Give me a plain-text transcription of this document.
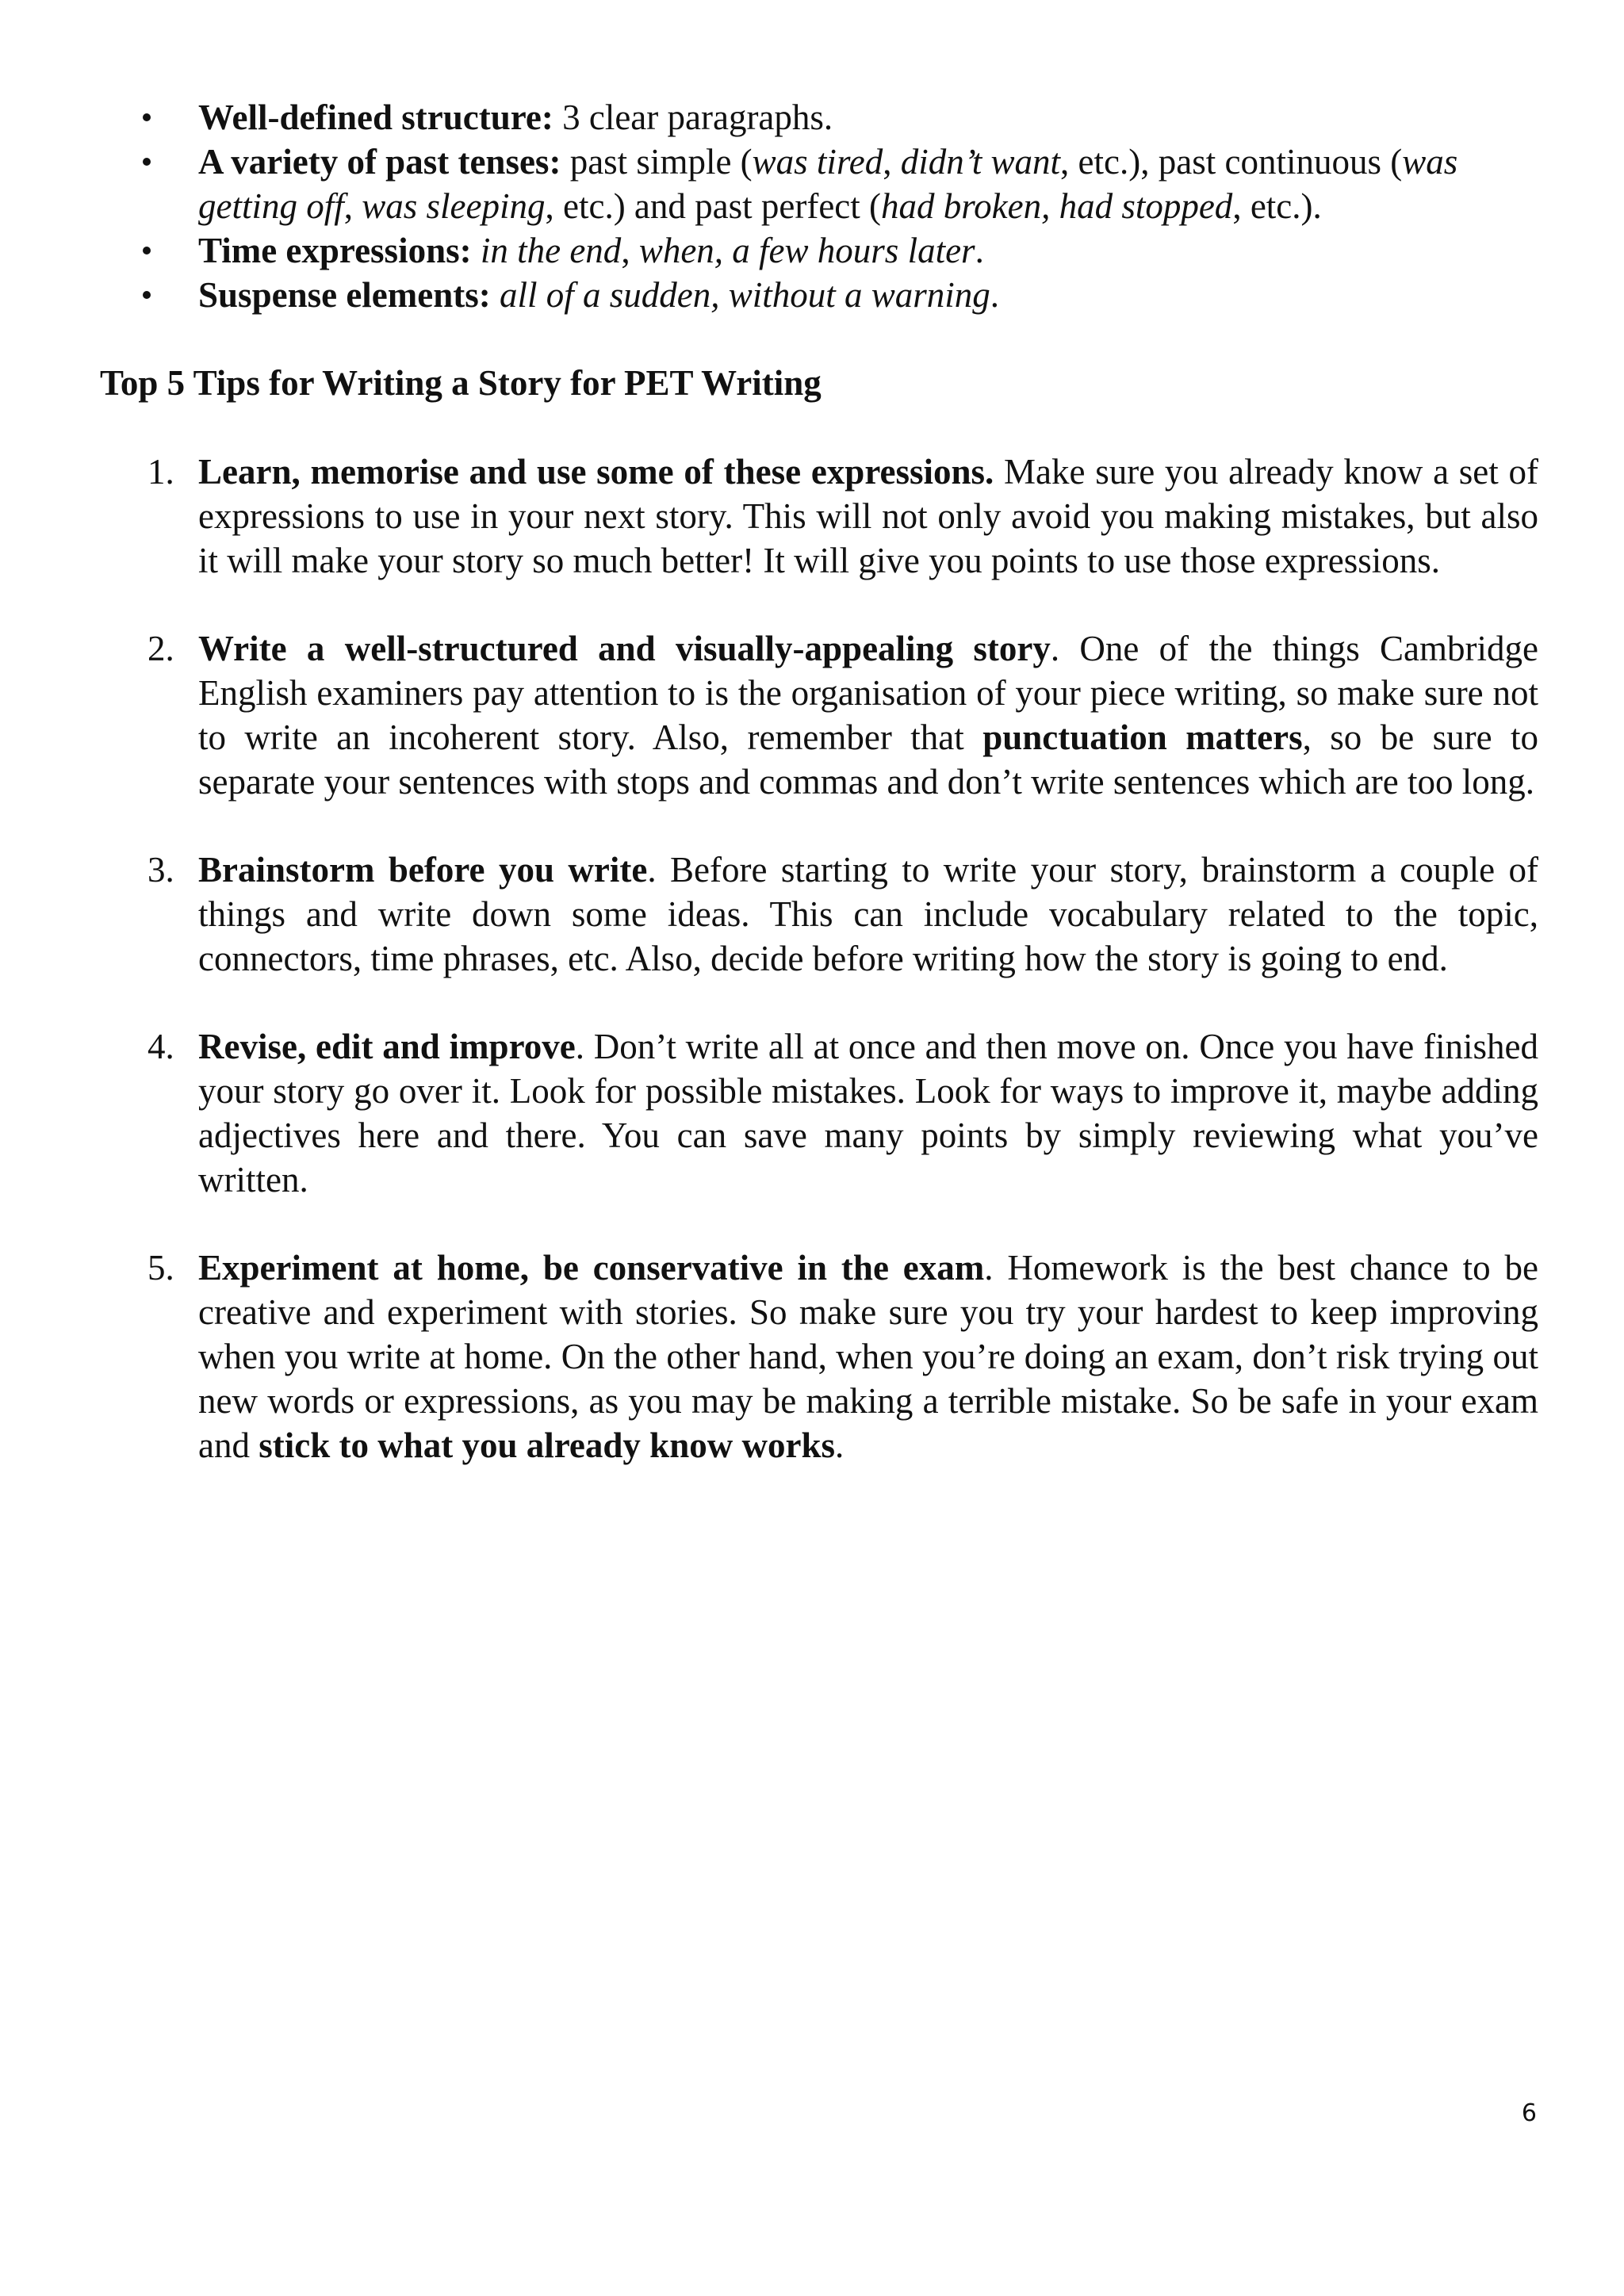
Well-defined structure: 3 clear paragraphs.
A variety of past tenses: past simple (was tired, didn’t want, etc.), past continuous (was getting off, was sleeping, etc.) and past perfect (had broken, had stopped, etc.).
Time expressions: in the end, when, a few hours later.
Suspense elements: all of a sudden, without a warning.
Top 5 Tips for Writing a Story for PET Writing
1. Learn, memorise and use some of these expressions. Make sure you already know a set of expressions to use in your next story. This will not only avoid you making mistakes, but also it will make your story so much better! It will give you points to use those expressions.
2. Write a well-structured and visually-appealing story. One of the things Cambridge English examiners pay attention to is the organisation of your piece writing, so make sure not to write an incoherent story. Also, remember that punctuation matters, so be sure to separate your sentences with stops and commas and don’t write sentences which are too long.
3. Brainstorm before you write. Before starting to write your story, brainstorm a couple of things and write down some ideas. This can include vocabulary related to the topic, connectors, time phrases, etc. Also, decide before writing how the story is going to end.
4. Revise, edit and improve. Don’t write all at once and then move on. Once you have finished your story go over it. Look for possible mistakes. Look for ways to improve it, maybe adding adjectives here and there. You can save many points by simply reviewing what you’ve written.
5. Experiment at home, be conservative in the exam. Homework is the best chance to be creative and experiment with stories. So make sure you try your hardest to keep improving when you write at home. On the other hand, when you’re doing an exam, don’t risk trying out new words or expressions, as you may be making a terrible mistake. So be safe in your exam and stick to what you already know works.
6
